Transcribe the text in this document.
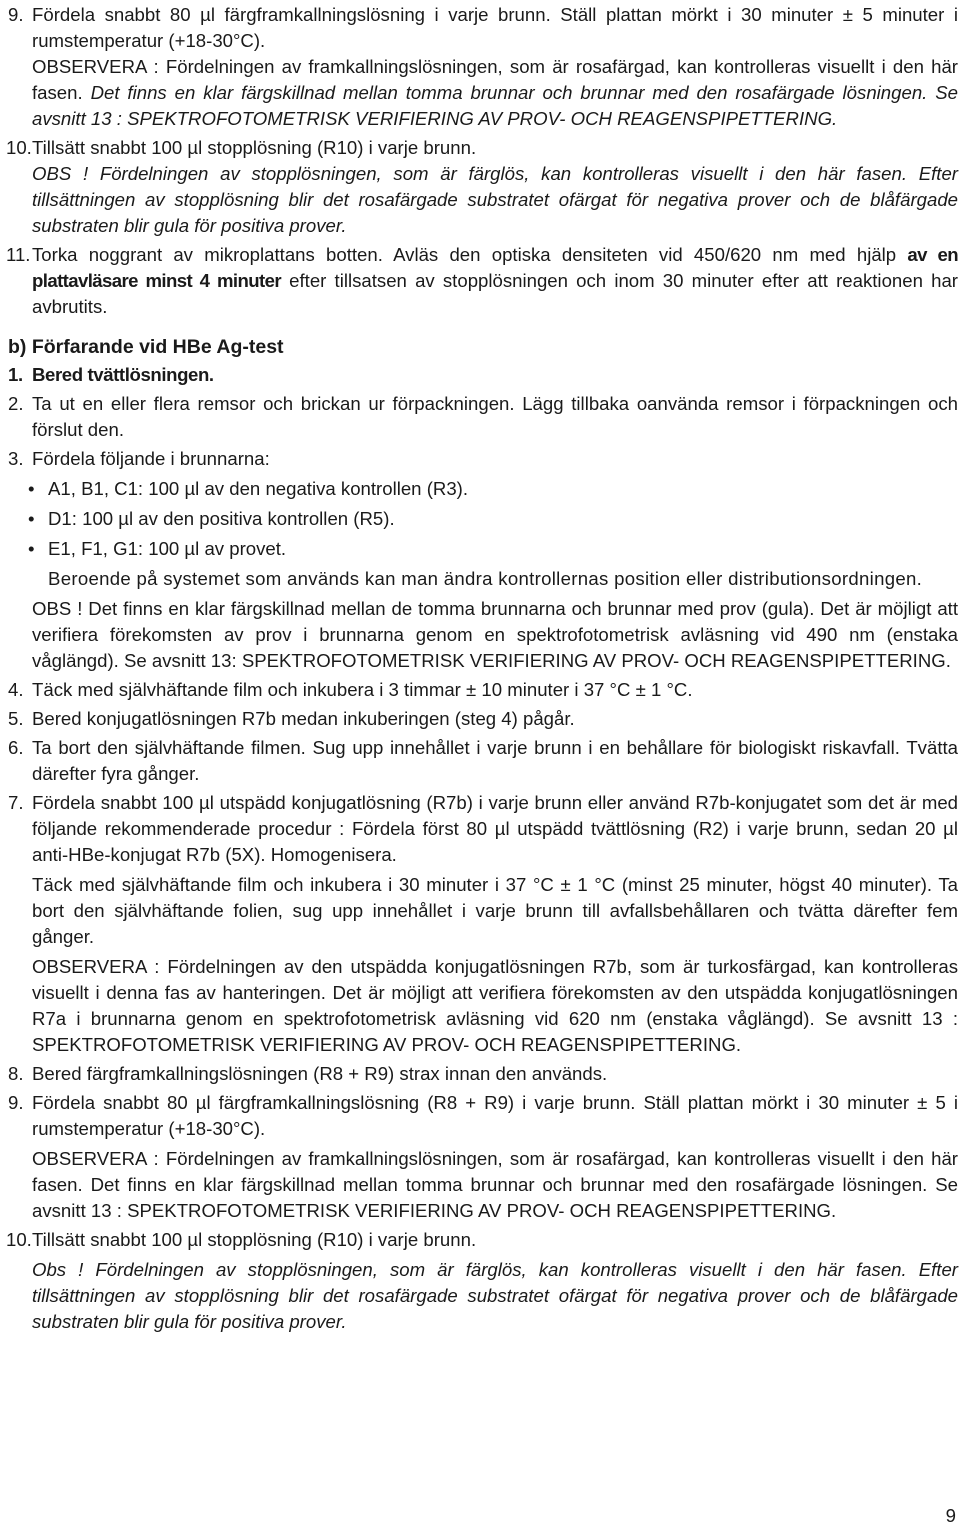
9. Fördela snabbt 80 µl färgframkallningslösning i varje brunn. Ställ plattan mörkt i 30 minuter ± 5 minuter i rumstemperatur (+18-30°C).

OBSERVERA : Fördelningen av framkallningslösningen, som är rosafärgad, kan kontrolleras visuellt i den här fasen. Det finns en klar färgskillnad mellan tomma brunnar och brunnar med den rosafärgade lösningen. Se avsnitt 13 : SPEKTROFOTOMETRISK VERIFIERING AV PROV- OCH REAGENSPIPETTERING.

10. Tillsätt snabbt 100 µl stopplösning (R10) i varje brunn.

OBS ! Fördelningen av stopplösningen, som är färglös, kan kontrolleras visuellt i den här fasen. Efter tillsättningen av stopplösning blir det rosafärgade substratet ofärgat för negativa prover och de blåfärgade substraten blir gula för positiva prover.

11. Torka noggrant av mikroplattans botten. Avläs den optiska densiteten vid 450/620 nm med hjälp av en plattavläsare minst 4 minuter efter tillsatsen av stopplösningen och inom 30 minuter efter att reaktionen har avbrutits.

b) Förfarande vid HBe Ag-test
1. Bered tvättlösningen.

2. Ta ut en eller flera remsor och brickan ur förpackningen. Lägg tillbaka oanvända remsor i förpackningen och förslut den.

3. Fördela följande i brunnarna:

• A1, B1, C1: 100 µl av den negativa kontrollen (R3).
• D1: 100 µl av den positiva kontrollen (R5).
• E1, F1, G1: 100 µl av provet.

Beroende på systemet som används kan man ändra kontrollernas position eller distributionsordningen.

OBS ! Det finns en klar färgskillnad mellan de tomma brunnarna och brunnar med prov (gula). Det är möjligt att verifiera förekomsten av prov i brunnarna genom en spektrofotometrisk avläsning vid 490 nm (enstaka våglängd). Se avsnitt 13: SPEKTROFOTOMETRISK VERIFIERING AV PROV- OCH REAGENSPIPETTERING.

4. Täck med självhäftande film och inkubera i 3 timmar ± 10 minuter i 37 °C ± 1 °C.

5. Bered konjugatlösningen R7b medan inkuberingen (steg 4) pågår.

6. Ta bort den självhäftande filmen. Sug upp innehållet i varje brunn i en behållare för biologiskt riskavfall. Tvätta därefter fyra gånger.

7. Fördela snabbt 100 µl utspädd konjugatlösning (R7b) i varje brunn eller använd R7b-konjugatet som det är med följande rekommenderade procedur : Fördela först 80 µl utspädd tvättlösning (R2) i varje brunn, sedan 20 µl anti-HBe-konjugat R7b (5X). Homogenisera.

Täck med självhäftande film och inkubera i 30 minuter i 37 °C ± 1 °C (minst 25 minuter, högst 40 minuter). Ta bort den självhäftande folien, sug upp innehållet i varje brunn till avfallsbehållaren och tvätta därefter fem gånger.

OBSERVERA : Fördelningen av den utspädda konjugatlösningen R7b, som är turkosfärgad, kan kontrolleras visuellt i denna fas av hanteringen. Det är möjligt att verifiera förekomsten av den utspädda konjugatlösningen R7a i brunnarna genom en spektrofotometrisk avläsning vid 620 nm (enstaka våglängd). Se avsnitt 13 : SPEKTROFOTOMETRISK VERIFIERING AV PROV- OCH REAGENSPIPETTERING.

8. Bered färgframkallningslösningen (R8 + R9) strax innan den används.

9. Fördela snabbt 80 µl färgframkallningslösning (R8 + R9) i varje brunn. Ställ plattan mörkt i 30 minuter ± 5 i rumstemperatur (+18-30°C).

OBSERVERA : Fördelningen av framkallningslösningen, som är rosafärgad, kan kontrolleras visuellt i den här fasen. Det finns en klar färgskillnad mellan tomma brunnar och brunnar med den rosafärgade lösningen. Se avsnitt 13 : SPEKTROFOTOMETRISK VERIFIERING AV PROV- OCH REAGENSPIPETTERING.

10. Tillsätt snabbt 100 µl stopplösning (R10) i varje brunn.

Obs ! Fördelningen av stopplösningen, som är färglös, kan kontrolleras visuellt i den här fasen. Efter tillsättningen av stopplösning blir det rosafärgade substratet ofärgat för negativa prover och de blåfärgade substraten blir gula för positiva prover.

9
